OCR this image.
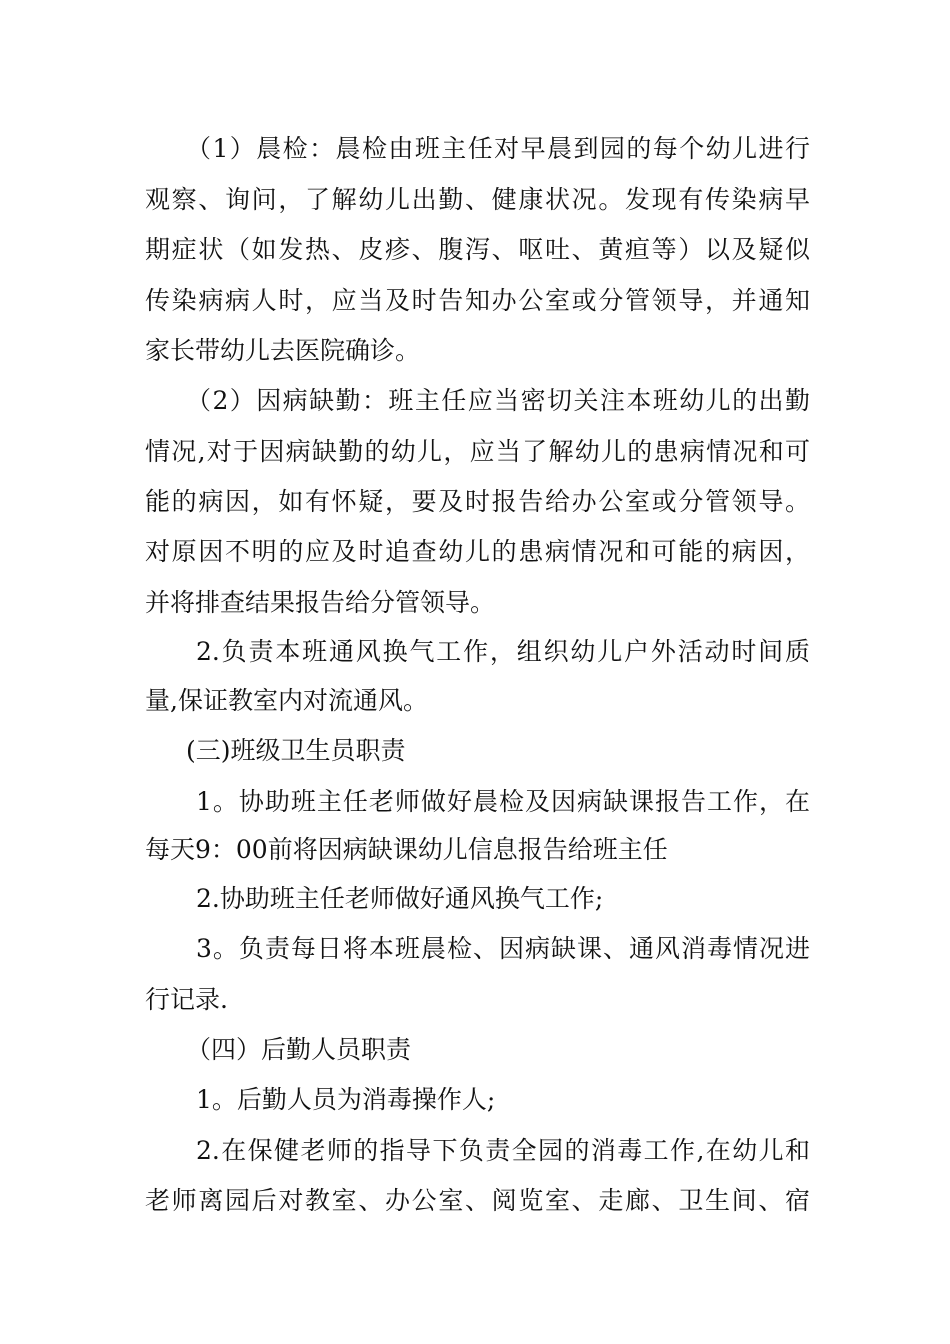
（1）晨检：晨检由班主任对早晨到园的每个幼儿进行
观察、询问，了解幼儿出勤、健康状况。发现有传染病早
期症状（如发热、皮疹、腹泻、呕吐、黄疸等）以及疑似
传染病病人时，应当及时告知办公室或分管领导，并通知
家长带幼儿去医院确诊。
（2）因病缺勤：班主任应当密切关注本班幼儿的出勤
情况,对于因病缺勤的幼儿，应当了解幼儿的患病情况和可
能的病因，如有怀疑，要及时报告给办公室或分管领导。
对原因不明的应及时追查幼儿的患病情况和可能的病因，
并将排查结果报告给分管领导。
2.负责本班通风换气工作，组织幼儿户外活动时间质
量,保证教室内对流通风。
(三)班级卫生员职责
1。协助班主任老师做好晨检及因病缺课报告工作，在
每天9：00前将因病缺课幼儿信息报告给班主任
2.协助班主任老师做好通风换气工作;
3。负责每日将本班晨检、因病缺课、通风消毒情况进
行记录.
（四）后勤人员职责
1。后勤人员为消毒操作人;
2.在保健老师的指导下负责全园的消毒工作,在幼儿和
老师离园后对教室、办公室、阅览室、走廊、卫生间、宿
